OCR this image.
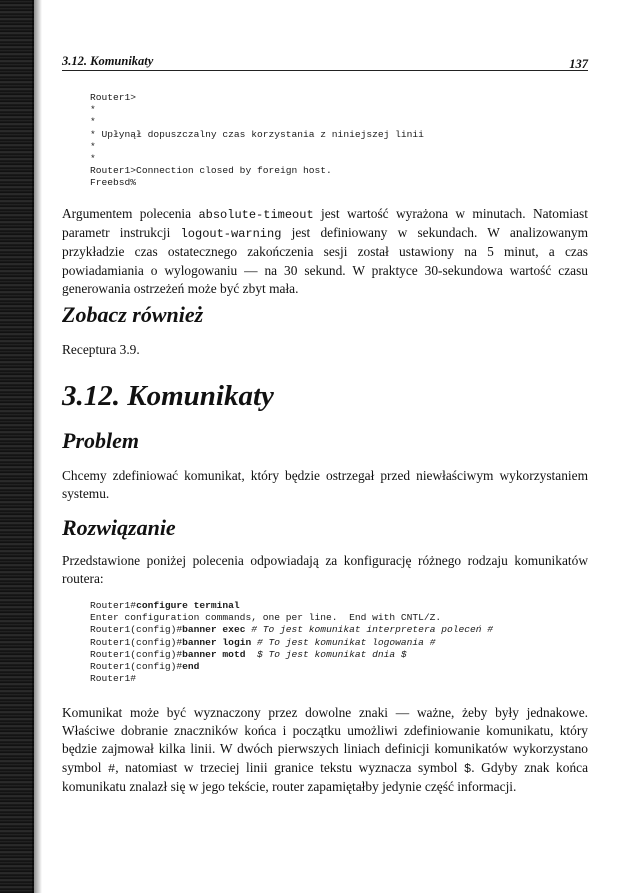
3.12. Komunikaty	137
Router1>
*
*
* Upłynął dopuszczalny czas korzystania z niniejszej linii
*
*
Router1>Connection closed by foreign host.
Freebsd%

Argumentem polecenia absolute-timeout jest wartość wyrażona w minutach. Natomiast parametr instrukcji logout-warning jest definiowany w sekundach. W analizowanym przykładzie czas ostatecznego zakończenia sesji został ustawiony na 5 minut, a czas powiadamiania o wylogowaniu — na 30 sekund. W praktyce 30-sekundowa wartość czasu generowania ostrzeżeń może być zbyt mała.

Zobacz również

Receptura 3.9.

3.12. Komunikaty
Problem

Chcemy zdefiniować komunikat, który będzie ostrzegał przed niewłaściwym wykorzystaniem systemu.

Rozwiązanie

Przedstawione poniżej polecenia odpowiadają za konfigurację różnego rodzaju komunikatów routera:

Router1#configure terminal
Enter configuration commands, one per line.  End with CNTL/Z.
Router1(config)#banner exec # To jest komunikat interpretera poleceń #
Router1(config)#banner login # To jest komunikat logowania #
Router1(config)#banner motd  $ To jest komunikat dnia $
Router1(config)#end
Router1#

Komunikat może być wyznaczony przez dowolne znaki — ważne, żeby były jednakowe. Właściwe dobranie znaczników końca i początku umożliwi zdefiniowanie komunikatu, który będzie zajmował kilka linii. W dwóch pierwszych liniach definicji komunikatów wykorzystano symbol #, natomiast w trzeciej linii granice tekstu wyznacza symbol $. Gdyby znak końca komunikatu znalazł się w jego tekście, router zapamiętałby jedynie część informacji.
